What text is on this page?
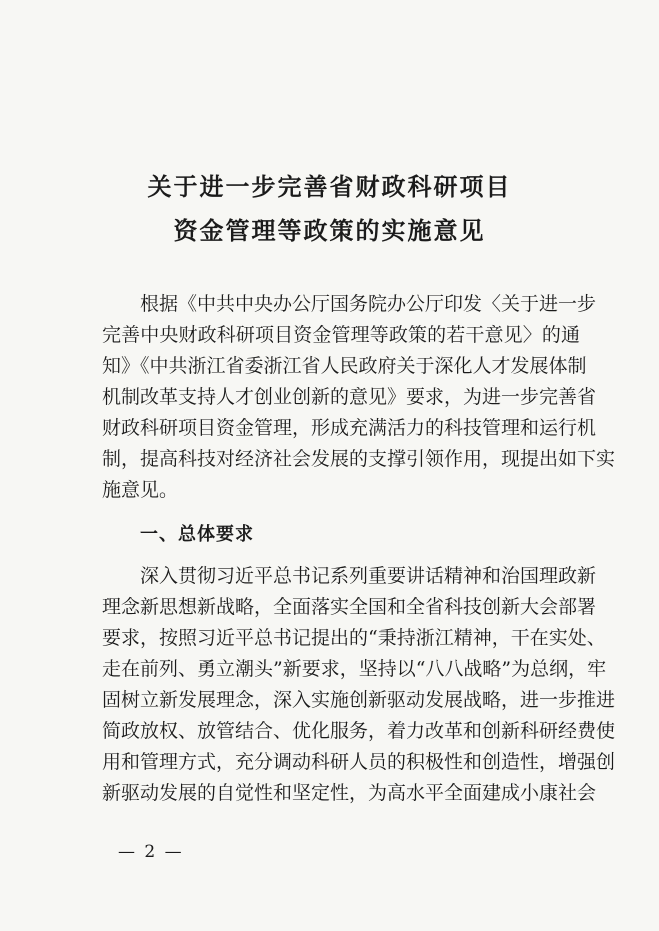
关于进一步完善省财政科研项目
资金管理等政策的实施意见
根据《中共中央办公厅国务院办公厅印发〈关于进一步
完善中央财政科研项目资金管理等政策的若干意见〉的通
知》《中共浙江省委浙江省人民政府关于深化人才发展体制
机制改革支持人才创业创新的意见》要求，为进一步完善省
财政科研项目资金管理，形成充满活力的科技管理和运行机
制，提高科技对经济社会发展的支撑引领作用，现提出如下实
施意见。
一、总体要求
深入贯彻习近平总书记系列重要讲话精神和治国理政新
理念新思想新战略，全面落实全国和全省科技创新大会部署
要求，按照习近平总书记提出的“秉持浙江精神，干在实处、
走在前列、勇立潮头”新要求，坚持以“八八战略”为总纲，牢
固树立新发展理念，深入实施创新驱动发展战略，进一步推进
简政放权、放管结合、优化服务，着力改革和创新科研经费使
用和管理方式，充分调动科研人员的积极性和创造性，增强创
新驱动发展的自觉性和坚定性，为高水平全面建成小康社会
— 2 —
